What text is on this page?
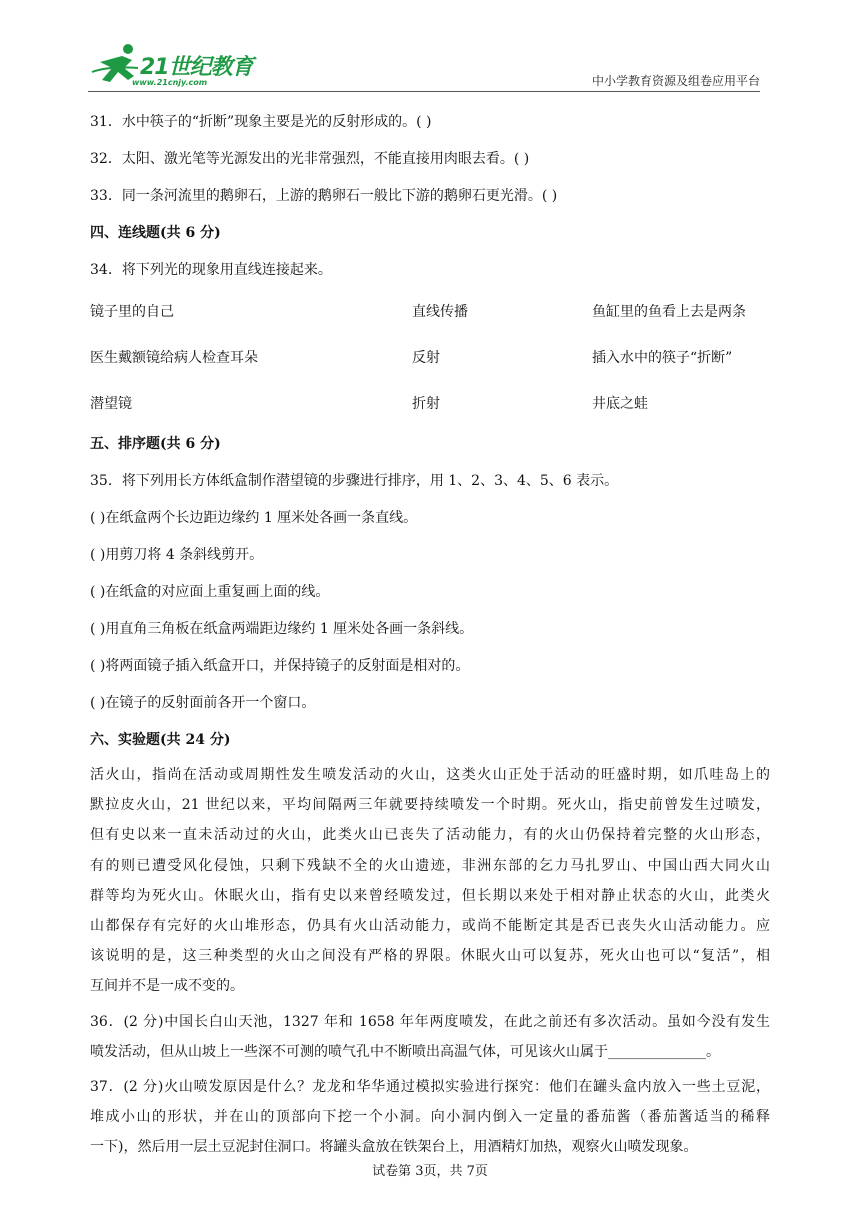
21世纪教育
www.21cnjy.com	中小学教育资源及组卷应用平台
31．水中筷子的“折断”现象主要是光的反射形成的。( )
32．太阳、激光笔等光源发出的光非常强烈，不能直接用肉眼去看。( )
33．同一条河流里的鹅卵石，上游的鹅卵石一般比下游的鹅卵石更光滑。( )
四、连线题(共 6 分)
34．将下列光的现象用直线连接起来。
镜子里的自己	直线传播	鱼缸里的鱼看上去是两条
医生戴额镜给病人检查耳朵	反射	插入水中的筷子“折断”
潜望镜	折射	井底之蛙
五、排序题(共 6 分)
35．将下列用长方体纸盒制作潜望镜的步骤进行排序，用 1、2、3、4、5、6 表示。
( )在纸盒两个长边距边缘约 1 厘米处各画一条直线。
( )用剪刀将 4 条斜线剪开。
( )在纸盒的对应面上重复画上面的线。
( )用直角三角板在纸盒两端距边缘约 1 厘米处各画一条斜线。
( )将两面镜子插入纸盒开口，并保持镜子的反射面是相对的。
( )在镜子的反射面前各开一个窗口。
六、实验题(共 24 分)
活火山，指尚在活动或周期性发生喷发活动的火山，这类火山正处于活动的旺盛时期，如爪哇岛上的
默拉皮火山，21 世纪以来，平均间隔两三年就要持续喷发一个时期。死火山，指史前曾发生过喷发，
但有史以来一直未活动过的火山，此类火山已丧失了活动能力，有的火山仍保持着完整的火山形态，
有的则已遭受风化侵蚀，只剩下残缺不全的火山遗迹，非洲东部的乞力马扎罗山、中国山西大同火山
群等均为死火山。休眠火山，指有史以来曾经喷发过，但长期以来处于相对静止状态的火山，此类火
山都保存有完好的火山堆形态，仍具有火山活动能力，或尚不能断定其是否已丧失火山活动能力。应
该说明的是，这三种类型的火山之间没有严格的界限。休眠火山可以复苏，死火山也可以“复活”，相
互间并不是一成不变的。
36．(2 分)中国长白山天池，1327 年和 1658 年年两度喷发，在此之前还有多次活动。虽如今没有发生
喷发活动，但从山坡上一些深不可测的喷气孔中不断喷出高温气体，可见该火山属于______________。
37．(2 分)火山喷发原因是什么？龙龙和华华通过模拟实验进行探究：他们在罐头盒内放入一些土豆泥，
堆成小山的形状，并在山的顶部向下挖一个小洞。向小洞内倒入一定量的番茄酱（番茄酱适当的稀释
一下)，然后用一层土豆泥封住洞口。将罐头盒放在铁架台上，用酒精灯加热，观察火山喷发现象。
试卷第 3页，共 7页
